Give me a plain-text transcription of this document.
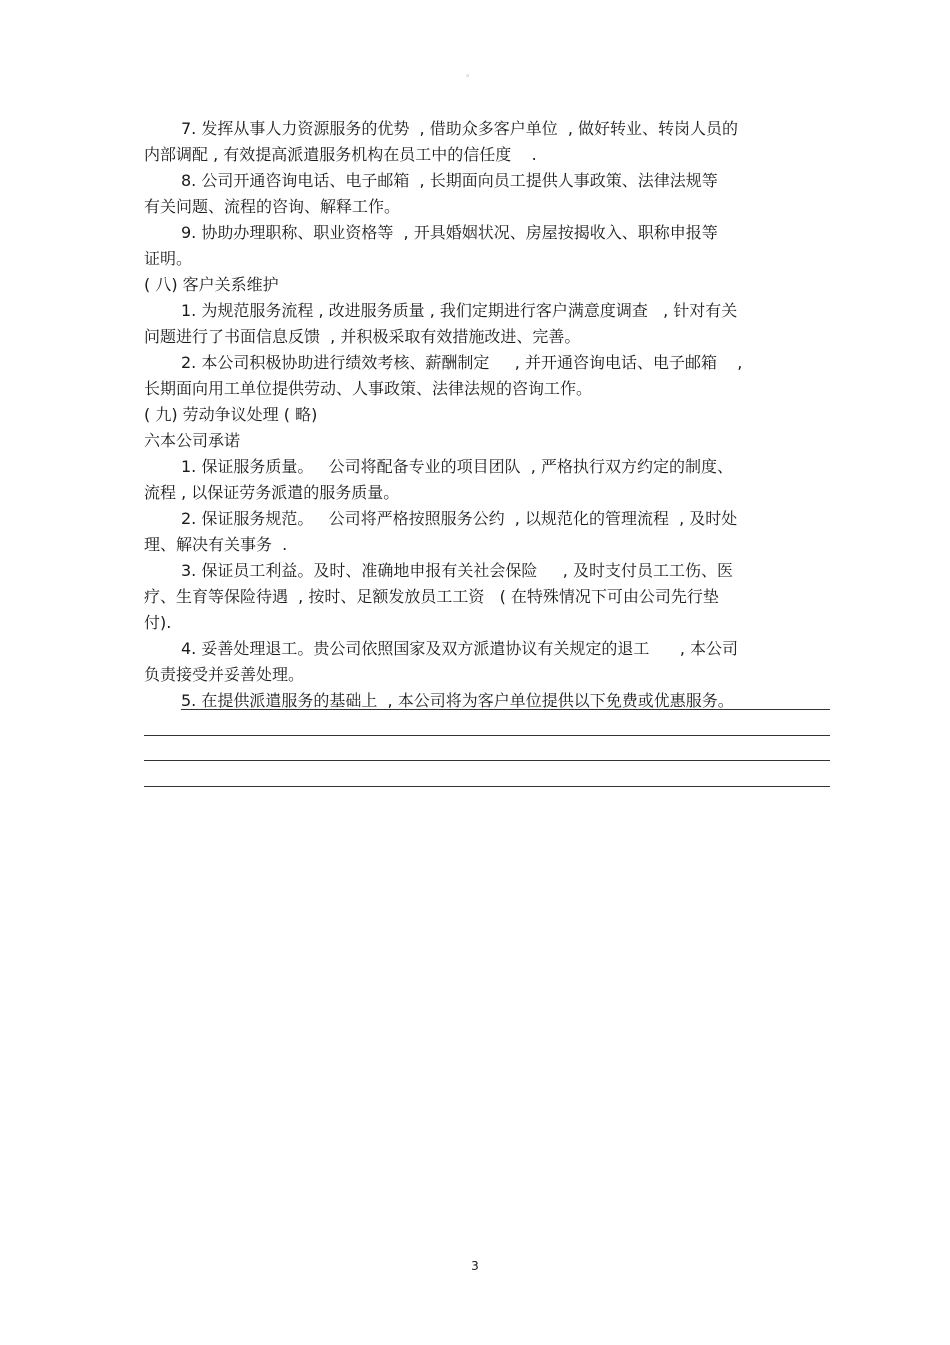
。
7. 发挥从事人力资源服务的优势  , 借助众多客户单位  , 做好转业、转岗人员的
内部调配 , 有效提高派遣服务机构在员工中的信任度    .
8. 公司开通咨询电话、电子邮箱  , 长期面向员工提供人事政策、法律法规等
有关问题、流程的咨询、解释工作。
9. 协助办理职称、职业资格等  , 开具婚姻状况、房屋按揭收入、职称申报等
证明。
( 八) 客户关系维护
1. 为规范服务流程 , 改进服务质量 , 我们定期进行客户满意度调查   , 针对有关
问题进行了书面信息反馈  , 并积极采取有效措施改进、完善。
2. 本公司积极协助进行绩效考核、薪酬制定     , 并开通咨询电话、电子邮箱    ,
长期面向用工单位提供劳动、人事政策、法律法规的咨询工作。
( 九) 劳动争议处理 ( 略)
六本公司承诺
1. 保证服务质量。   公司将配备专业的项目团队  , 严格执行双方约定的制度、
流程 , 以保证劳务派遣的服务质量。
2. 保证服务规范。   公司将严格按照服务公约  , 以规范化的管理流程  , 及时处
理、解决有关事务  .
3. 保证员工利益。及时、准确地申报有关社会保险     , 及时支付员工工伤、医
疗、生育等保险待遇  , 按时、足额发放员工工资   ( 在特殊情况下可由公司先行垫
付).
4. 妥善处理退工。贵公司依照国家及双方派遣协议有关规定的退工      , 本公司
负责接受并妥善处理。
5. 在提供派遣服务的基础上  , 本公司将为客户单位提供以下免费或优惠服务。
3
